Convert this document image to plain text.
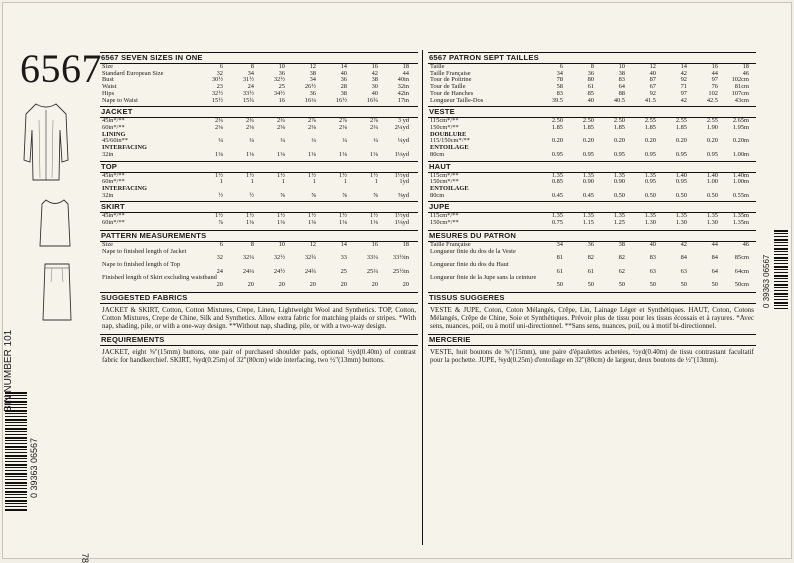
6567
BIN NUMBER 101
0 39363 06567
78
0 39363 06567
6567 SEVEN SIZES IN ONE
Size	6	8	10	12	14	16	18
Standard European Size	32	34	36	38	40	42	44
Bust	30½	31½	32½	34	36	38	40in
Waist	23	24	25	26½	28	30	32in
Hips	32½	33½	34½	36	38	40	42in
Nape to Waist	15½	15¾	16	16¼	16½	16¾	17in
JACKET
45in*/**	2¾	2¾	2¾	2⅞	2⅞	2⅞	3 yd
60in*/**	2⅛	2⅛	2⅛	2⅛	2⅛	2¼	2¼yd
LINING
45/60in**	¼	¼	¼	¼	¼	¼	¼yd
INTERFACING
32in	1⅛	1⅛	1⅛	1⅛	1⅛	1⅛	1⅛yd
TOP
45in*/**	1½	1½	1½	1½	1½	1½	1½yd
60in*/**	1	1	1	1	1	1	1yd
INTERFACING
32in	½	½	⅝	⅝	⅝	⅝	⅝yd
SKIRT
45in*/**	1½	1½	1½	1½	1½	1½	1½yd
60in*/**	⅞	1⅛	1⅛	1⅛	1⅛	1⅛	1⅛yd
PATTERN MEASUREMENTS
Size	6	8	10	12	14	16	18
Nape to finished length of Jacket
32	32¼	32½	32¾	33	33¼	33½in
Nape to finished length of Top
24	24¼	24½	24¾	25	25¼	25½in
Finished length of Skirt excluding waistband
20	20	20	20	20	20	20
SUGGESTED FABRICS
JACKET & SKIRT, Cotton, Cotton Mixtures, Crepe, Linen, Lightweight Wool and Synthetics. TOP, Cotton, Cotton Mixtures, Crepe de Chine, Silk and Synthetics. Allow extra fabric for matching plaids or stripes. *With nap, shading, pile, or with a one-way design. **Without nap, shading, pile, or with a two-way design.
REQUIREMENTS
JACKET, eight ⅝"(15mm) buttons, one pair of purchased shoulder pads, optional ½yd(0.40m) of contrast fabric for handkerchief. SKIRT, ⅜yd(0.25m) of 32"(80cm) wide interfacing, two ½"(13mm) buttons.
6567 PATRON SEPT TAILLES
Taille	6	8	10	12	14	16	18
Taille Française	34	36	38	40	42	44	46
Tour de Poitrine	78	80	83	87	92	97	102cm
Tour de Taille	58	61	64	67	71	76	81cm
Tour de Hanches	83	85	88	92	97	102	107cm
Longueur Taille-Dos	39.5	40	40.5	41.5	42	42.5	43cm
VESTE
115cm*/**	2.50	2.50	2.50	2.55	2.55	2.55	2.65m
150cm*/**	1.85	1.85	1.85	1.85	1.85	1.90	1.95m
DOUBLURE
115/150cm*/**	0.20	0.20	0.20	0.20	0.20	0.20	0.20m
ENTOILAGE
80cm	0.95	0.95	0.95	0.95	0.95	0.95	1.00m
HAUT
115cm*/**	1.35	1.35	1.35	1.35	1.40	1.40	1.40m
150cm*/**	0.85	0.90	0.90	0.95	0.95	1.00	1.00m
ENTOILAGE
80cm	0.45	0.45	0.50	0.50	0.50	0.50	0.55m
JUPE
115cm*/**	1.35	1.35	1.35	1.35	1.35	1.35	1.35m
150cm*/**	0.75	1.15	1.25	1.30	1.30	1.30	1.35m
MESURES DU PATRON
Taille Française	34	36	38	40	42	44	46
Longueur finie du dos de la Veste
81	82	82	83	84	84	85cm
Longueur finie du dos du Haut
61	61	62	63	63	64	64cm
Longueur finie de la Jupe sans la ceinture
50	50	50	50	50	50	50cm
TISSUS SUGGERES
VESTE & JUPE, Coton, Coton Mélangés, Crêpe, Lin, Lainage Léger et Synthétiques. HAUT, Coton, Cotons Mélangés, Crêpe de Chine, Soie et Synthétiques. Prévoir plus de tissu pour les tissus écossais et à rayures. *Avec sens, nuances, poil, ou à motif uni-directionnel. **Sans sens, nuances, poil, ou à motif bi-directionnel.
MERCERIE
VESTE, huit boutons de ⅝"(15mm), une paire d'épaulettes achetées, ½yd(0.40m) de tissu contrastant facultatif pour la pochette. JUPE, ⅜yd(0.25m) d'entoilage en 32"(80cm) de largeur, deux boutons de ½"(13mm).
